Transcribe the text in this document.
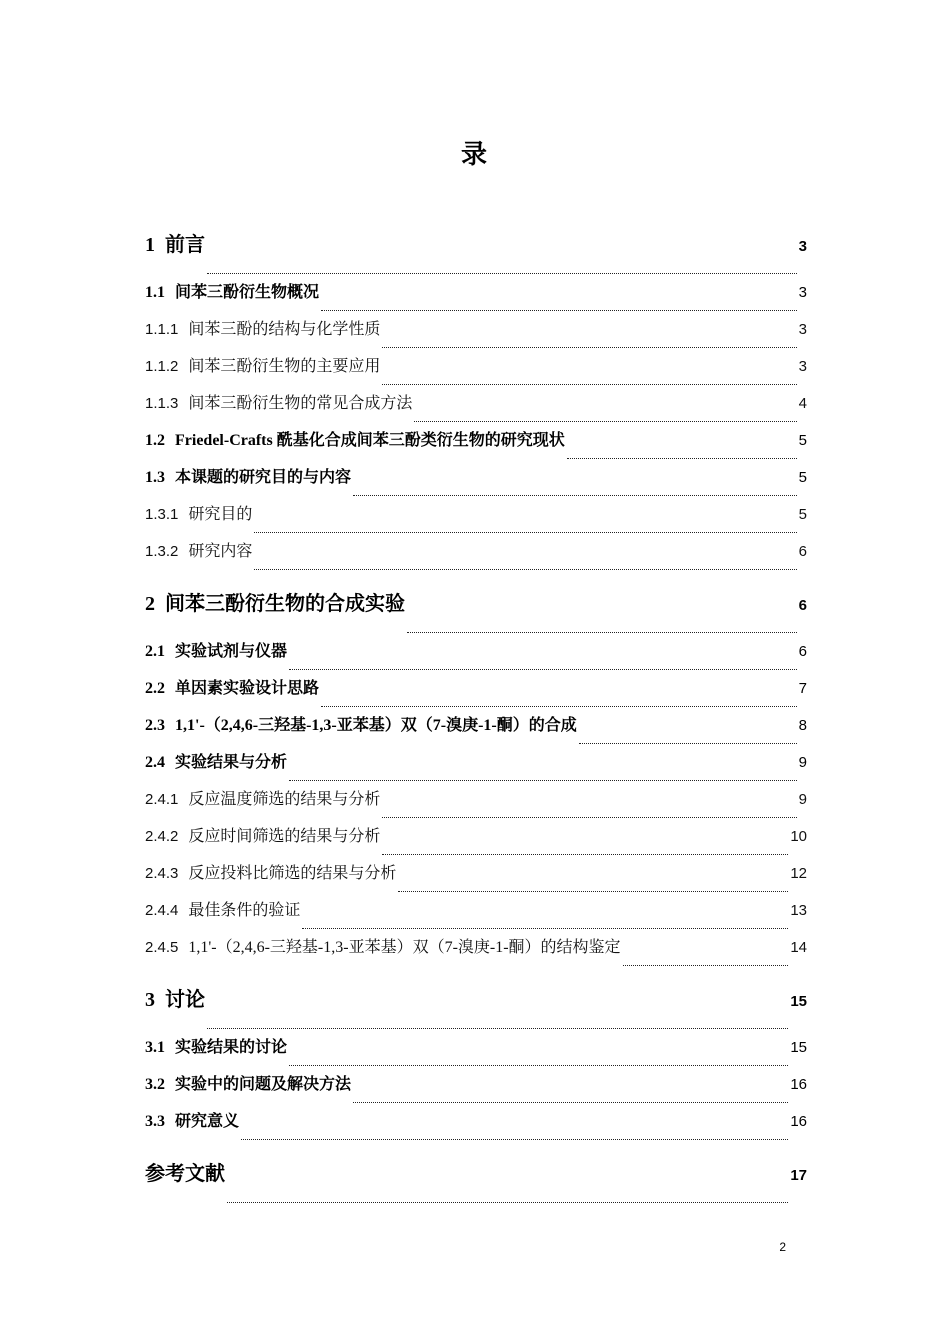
录
1 前言	3
1.1 间苯三酚衍生物概况	3
1.1.1 间苯三酚的结构与化学性质	3
1.1.2 间苯三酚衍生物的主要应用	3
1.1.3 间苯三酚衍生物的常见合成方法	4
1.2 Friedel-Crafts 酰基化合成间苯三酚类衍生物的研究现状	5
1.3 本课题的研究目的与内容	5
1.3.1 研究目的	5
1.3.2 研究内容	6
2 间苯三酚衍生物的合成实验	6
2.1 实验试剂与仪器	6
2.2 单因素实验设计思路	7
2.3 1,1'-（2,4,6-三羟基-1,3-亚苯基）双（7-溴庚-1-酮）的合成	8
2.4 实验结果与分析	9
2.4.1 反应温度筛选的结果与分析	9
2.4.2 反应时间筛选的结果与分析	10
2.4.3 反应投料比筛选的结果与分析	12
2.4.4 最佳条件的验证	13
2.4.5 1,1'-（2,4,6-三羟基-1,3-亚苯基）双（7-溴庚-1-酮）的结构鉴定	14
3 讨论	15
3.1 实验结果的讨论	15
3.2 实验中的问题及解决方法	16
3.3 研究意义	16
参考文献	17
2
